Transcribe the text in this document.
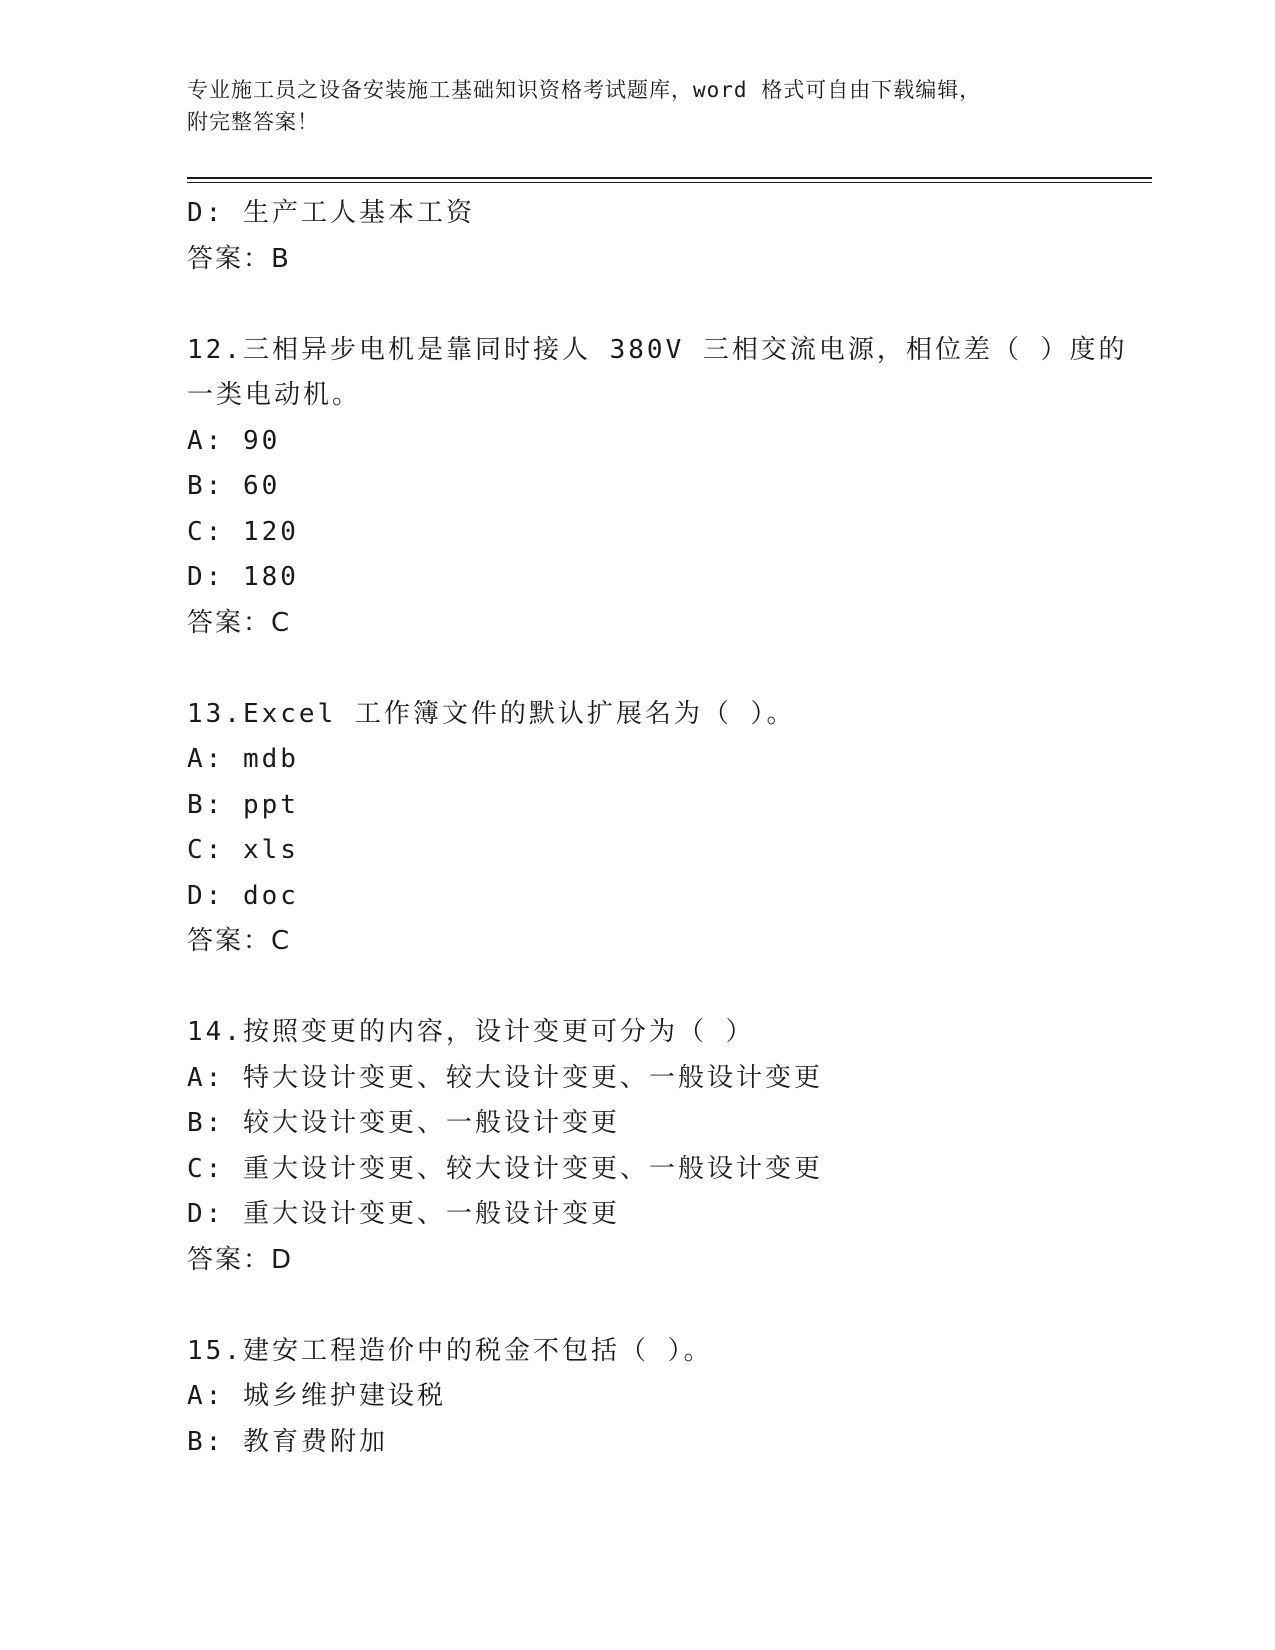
专业施工员之设备安装施工基础知识资格考试题库，word 格式可自由下载编辑，
附完整答案！
D: 生产工人基本工资
答案：B
12.三相异步电机是靠同时接人 380V 三相交流电源，相位差（ ）度的
一类电动机。
A: 90
B: 60
C: 120
D: 180
答案：C
13.Excel 工作簿文件的默认扩展名为（ ）。
A: mdb
B: ppt
C: xls
D: doc
答案：C
14.按照变更的内容，设计变更可分为（ ）
A: 特大设计变更、较大设计变更、一般设计变更
B: 较大设计变更、一般设计变更
C: 重大设计变更、较大设计变更、一般设计变更
D: 重大设计变更、一般设计变更
答案：D
15.建安工程造价中的税金不包括（ ）。
A: 城乡维护建设税
B: 教育费附加
